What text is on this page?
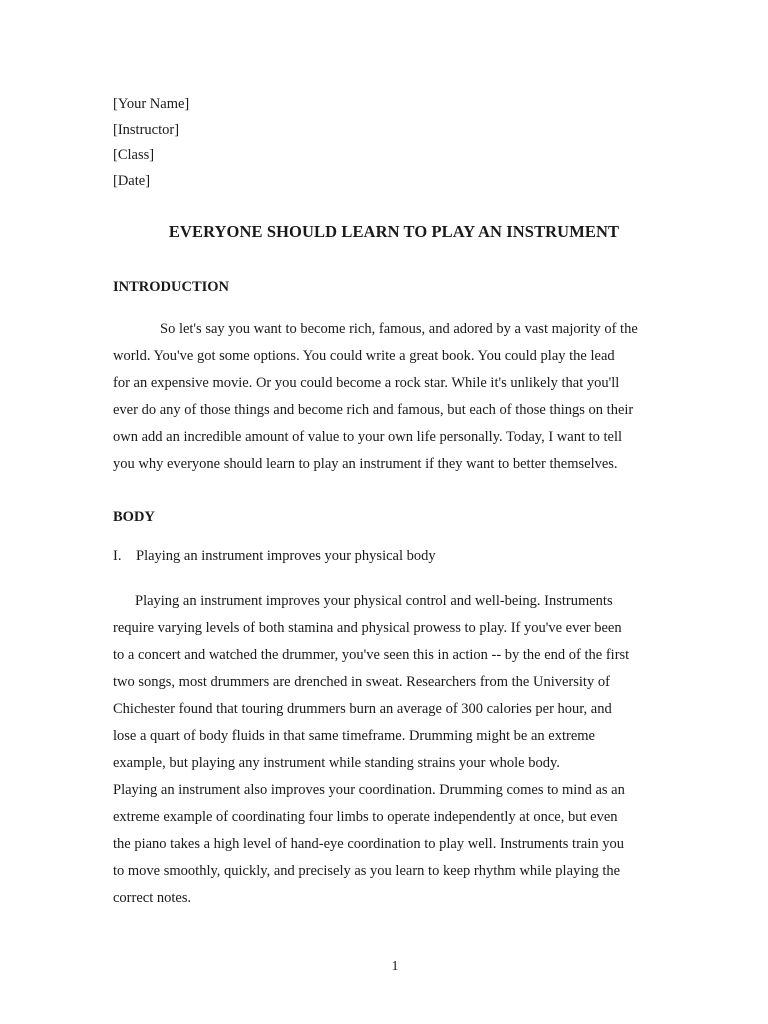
[Your Name]
[Instructor]
[Class]
[Date]
EVERYONE SHOULD LEARN TO PLAY AN INSTRUMENT
INTRODUCTION
So let's say you want to become rich, famous, and adored by a vast majority of the
world. You've got some options. You could write a great book. You could play the lead
for an expensive movie. Or you could become a rock star. While it's unlikely that you'll
ever do any of those things and become rich and famous, but each of those things on their
own add an incredible amount of value to your own life personally. Today, I want to tell
you why everyone should learn to play an instrument if they want to better themselves.
BODY
I. Playing an instrument improves your physical body
Playing an instrument improves your physical control and well-being. Instruments
require varying levels of both stamina and physical prowess to play. If you've ever been
to a concert and watched the drummer, you've seen this in action -- by the end of the first
two songs, most drummers are drenched in sweat. Researchers from the University of
Chichester found that touring drummers burn an average of 300 calories per hour, and
lose a quart of body fluids in that same timeframe. Drumming might be an extreme
example, but playing any instrument while standing strains your whole body.
Playing an instrument also improves your coordination. Drumming comes to mind as an
extreme example of coordinating four limbs to operate independently at once, but even
the piano takes a high level of hand-eye coordination to play well. Instruments train you
to move smoothly, quickly, and precisely as you learn to keep rhythm while playing the
correct notes.
1
